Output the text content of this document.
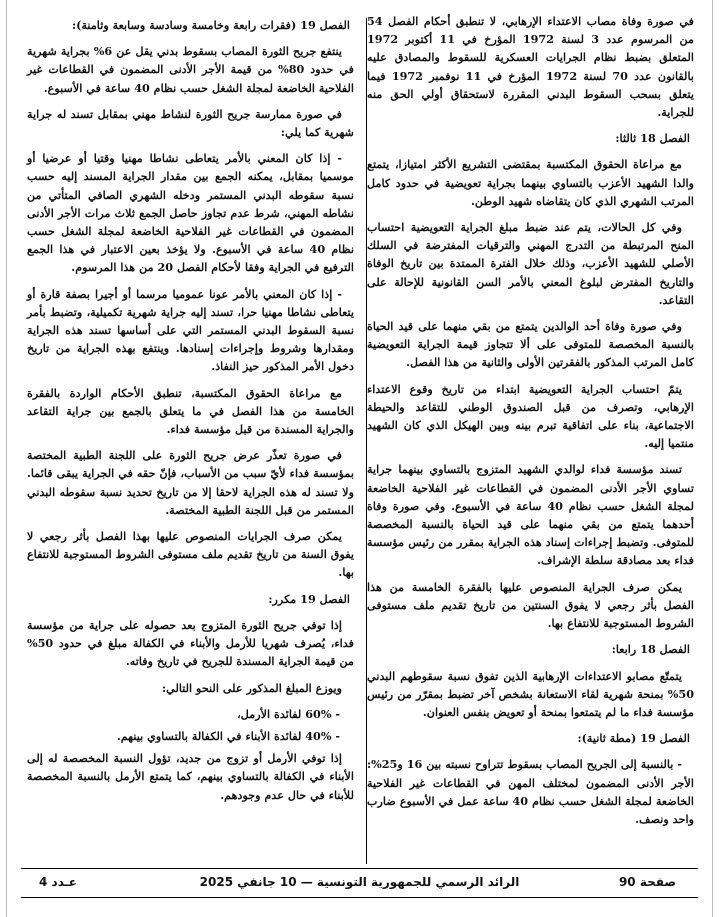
في صورة وفاة مصاب الاعتداء الإرهابي، لا تنطبق أحكام الفصل 54 من المرسوم عدد 3 لسنة 1972 المؤرخ في 11 أكتوبر 1972 المتعلق بضبط نظام الجرايات العسكرية للسقوط والمصادق عليه بالقانون عدد 70 لسنة 1972 المؤرخ في 11 نوفمبر 1972 فيما يتعلق بسحب السقوط البدني المقررة لاستحقاق أولي الحق منه للجراية.

الفصل 18 ثالثا:

مع مراعاة الحقوق المكتسبة بمقتضى التشريع الأكثر امتيازا، يتمتع والدا الشهيد الأعزب بالتساوي بينهما بجراية تعويضية في حدود كامل المرتب الشهري الذي كان يتقاضاه شهيد الوطن.

وفي كل الحالات، يتم عند ضبط مبلغ الجراية التعويضية احتساب المنح المرتبطة من التدرج المهني والترقيات المفترضة في السلك الأصلي للشهيد الأعزب، وذلك خلال الفترة الممتدة بين تاريخ الوفاة والتاريخ المفترض لبلوغ المعني بالأمر السن القانونية للإحالة على التقاعد.

وفي صورة وفاة أحد الوالدين يتمتع من بقي منهما على قيد الحياة بالنسبة المخصصة للمتوفى على ألا تتجاوز قيمة الجراية التعويضية كامل المرتب المذكور بالفقرتين الأولى والثانية من هذا الفصل.

يتمّ احتساب الجراية التعويضية ابتداء من تاريخ وقوع الاعتداء الإرهابي، وتصرف من قبل الصندوق الوطني للتقاعد والحيطة الاجتماعية، بناء على اتفاقية تبرم بينه وبين الهيكل الذي كان الشهيد منتميا إليه.

تسند مؤسسة فداء لوالدي الشهيد المتزوج بالتساوي بينهما جراية تساوي الأجر الأدنى المضمون في القطاعات غير الفلاحية الخاضعة لمجلة الشغل حسب نظام 40 ساعة في الأسبوع. وفي صورة وفاة أحدهما يتمتع من بقي منهما على قيد الحياة بالنسبة المخصصة للمتوفى. وتضبط إجراءات إسناد هذه الجراية بمقرر من رئيس مؤسسة فداء بعد مصادقة سلطة الإشراف.

يمكن صرف الجراية المنصوص عليها بالفقرة الخامسة من هذا الفصل بأثر رجعي لا يفوق السنتين من تاريخ تقديم ملف مستوفى الشروط المستوجبة للانتفاع بها.

الفصل 18 رابعا:

يتمتّع مصابو الاعتداءات الإرهابية الذين تفوق نسبة سقوطهم البدني 50% بمنحة شهرية لقاء الاستعانة بشخص آخر تضبط بمقرّر من رئيس مؤسسة فداء ما لم يتمتعوا بمنحة أو تعويض بنفس العنوان.

الفصل 19 (مطة ثانية):

- بالنسبة إلى الجريح المصاب بسقوط تتراوح نسبته بين 16 و25%: الأجر الأدنى المضمون لمختلف المهن في القطاعات غير الفلاحية الخاضعة لمجلة الشغل حسب نظام 40 ساعة عمل في الأسبوع ضارب واحد ونصف.

الفصل 19 (فقرات رابعة وخامسة وسادسة وسابعة وثامنة):

ينتفع جريح الثورة المصاب بسقوط بدني يقل عن 6% بجراية شهرية في حدود 80% من قيمة الأجر الأدنى المضمون في القطاعات غير الفلاحية الخاضعة لمجلة الشغل حسب نظام 40 ساعة في الأسبوع.

في صورة ممارسة جريح الثورة لنشاط مهني بمقابل تسند له جراية شهرية كما يلي:

- إذا كان المعني بالأمر يتعاطى نشاطا مهنيا وقتيا أو عرضيا أو موسميا بمقابل، يمكنه الجمع بين مقدار الجراية المسند إليه حسب نسبة سقوطه البدني المستمر ودخله الشهري الصافي المتأتي من نشاطه المهني، شرط عدم تجاوز حاصل الجمع ثلاث مرات الأجر الأدنى المضمون في القطاعات غير الفلاحية الخاضعة لمجلة الشغل حسب نظام 40 ساعة في الأسبوع. ولا يؤخذ بعين الاعتبار في هذا الجمع الترفيع في الجراية وفقا لأحكام الفصل 20 من هذا المرسوم.

- إذا كان المعني بالأمر عونا عموميا مرسما أو أجيرا بصفة قارة أو يتعاطى نشاطا مهنيا حرا، تسند إليه جراية شهرية تكميلية، وتضبط بأمر نسبة السقوط البدني المستمر التي على أساسها تسند هذه الجراية ومقدارها وشروط وإجراءات إسنادها. وينتفع بهذه الجراية من تاريخ دخول الأمر المذكور حيز النفاذ.

مع مراعاة الحقوق المكتسبة، تنطبق الأحكام الواردة بالفقرة الخامسة من هذا الفصل في ما يتعلق بالجمع بين جراية التقاعد والجراية المسندة من قبل مؤسسة فداء.

في صورة تعذّر عرض جريح الثورة على اللجنة الطبية المختصة بمؤسسة فداء لأيّ سبب من الأسباب، فإنّ حقه في الجراية يبقى قائما. ولا تسند له هذه الجراية لاحقا إلا من تاريخ تحديد نسبة سقوطه البدني المستمر من قبل اللجنة الطبية المختصة.

يمكن صرف الجرايات المنصوص عليها بهذا الفصل بأثر رجعي لا يفوق السنة من تاريخ تقديم ملف مستوفى الشروط المستوجبة للانتفاع بها.

الفصل 19 مكرر:

إذا توفي جريح الثورة المتزوج بعد حصوله على جراية من مؤسسة فداء، يُصرف شهريا للأرمل والأبناء في الكفالة مبلغ في حدود 50% من قيمة الجراية المسندة للجريح في تاريخ وفاته.

ويوزع المبلغ المذكور على النحو التالي:

- 60% لفائدة الأرمل،

- 40% لفائدة الأبناء في الكفالة بالتساوي بينهم.

إذا توفي الأرمل أو تزوج من جديد، تؤول النسبة المخصصة له إلى الأبناء في الكفالة بالتساوي بينهم، كما يتمتع الأرمل بالنسبة المخصصة للأبناء في حال عدم وجودهم.

صفحة 90
الرائد الرسمي للجمهورية التونسية — 10 جانفي 2025
عـدد 4
